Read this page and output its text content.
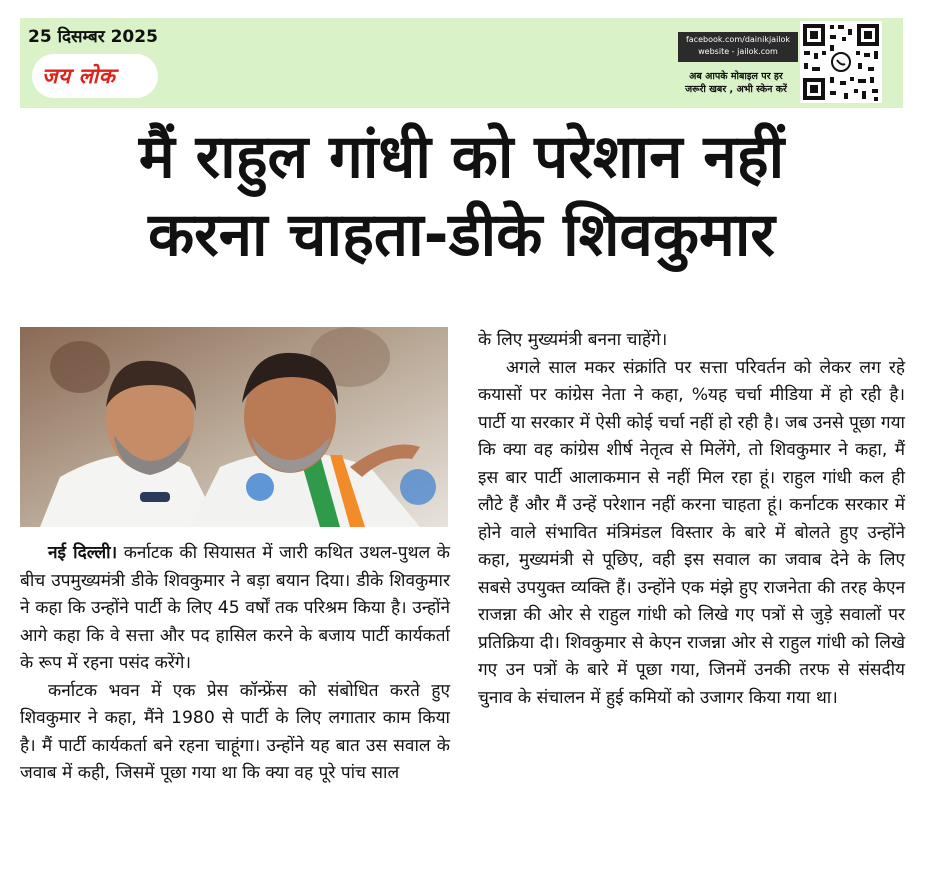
25 दिसम्बर 2025
जय लोक
facebook.com/dainikjailok
website - jailok.com
अब आपके मोबाइल पर हर
जरूरी खबर , अभी स्केन करें
मैं राहुल गांधी को परेशान नहीं
करना चाहता-डीके शिवकुमार

नई दिल्ली। कर्नाटक की सियासत में जारी कथित उथल-पुथल के बीच उपमुख्यमंत्री डीके शिवकुमार ने बड़ा बयान दिया। डीके शिवकुमार ने कहा कि उन्होंने पार्टी के लिए 45 वर्षों तक परिश्रम किया है। उन्होंने आगे कहा कि वे सत्ता और पद हासिल करने के बजाय पार्टी कार्यकर्ता के रूप में रहना पसंद करेंगे।

कर्नाटक भवन में एक प्रेस कॉन्फ्रेंस को संबोधित करते हुए शिवकुमार ने कहा, मैंने 1980 से पार्टी के लिए लगातार काम किया है। मैं पार्टी कार्यकर्ता बने रहना चाहूंगा। उन्होंने यह बात उस सवाल के जवाब में कही, जिसमें पूछा गया था कि क्या वह पूरे पांच साल

के लिए मुख्यमंत्री बनना चाहेंगे।

अगले साल मकर संक्रांति पर सत्ता परिवर्तन को लेकर लग रहे कयासों पर कांग्रेस नेता ने कहा, %यह चर्चा मीडिया में हो रही है। पार्टी या सरकार में ऐसी कोई चर्चा नहीं हो रही है। जब उनसे पूछा गया कि क्या वह कांग्रेस शीर्ष नेतृत्व से मिलेंगे, तो शिवकुमार ने कहा, मैं इस बार पार्टी आलाकमान से नहीं मिल रहा हूं। राहुल गांधी कल ही लौटे हैं और मैं उन्हें परेशान नहीं करना चाहता हूं। कर्नाटक सरकार में होने वाले संभावित मंत्रिमंडल विस्तार के बारे में बोलते हुए उन्होंने कहा, मुख्यमंत्री से पूछिए, वही इस सवाल का जवाब देने के लिए सबसे उपयुक्त व्यक्ति हैं। उन्होंने एक मंझे हुए राजनेता की तरह केएन राजन्ना की ओर से राहुल गांधी को लिखे गए पत्रों से जुड़े सवालों पर प्रतिक्रिया दी। शिवकुमार से केएन राजन्ना ओर से राहुल गांधी को लिखे गए उन पत्रों के बारे में पूछा गया, जिनमें उनकी तरफ से संसदीय चुनाव के संचालन में हुई कमियों को उजागर किया गया था।
